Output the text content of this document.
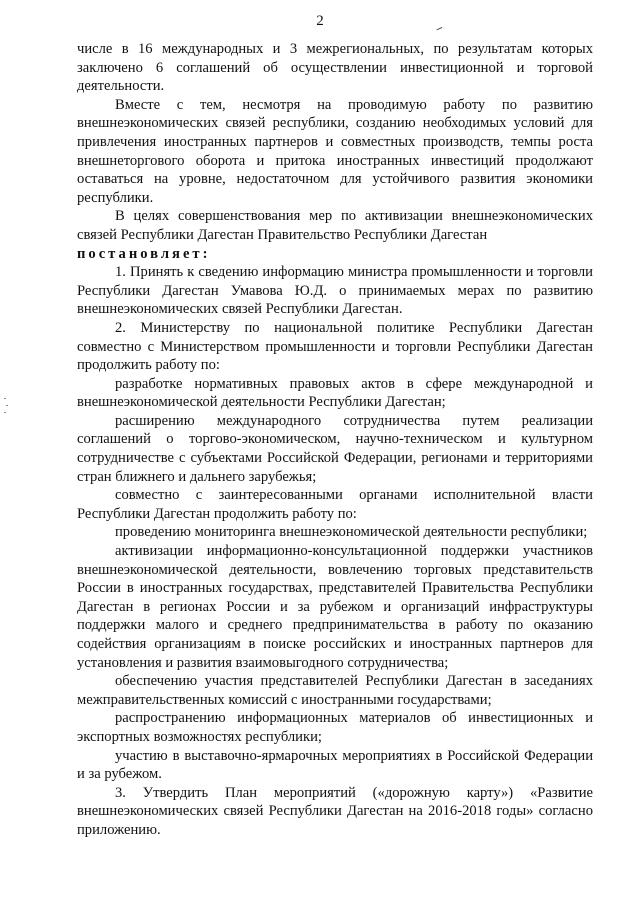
2

числе в 16 международных и 3 межрегиональных, по результатам которых заключено 6 соглашений об осуществлении инвестиционной и торговой деятельности.

Вместе с тем, несмотря на проводимую работу по развитию внешнеэкономических связей республики, созданию необходимых условий для привлечения иностранных партнеров и совместных производств, темпы роста внешнеторгового оборота и притока иностранных инвестиций продолжают оставаться на уровне, недостаточном для устойчивого развития экономики республики.

В целях совершенствования мер по активизации внешнеэкономических связей Республики Дагестан Правительство Республики Дагестан

постановляет:

1. Принять к сведению информацию министра промышленности и торговли Республики Дагестан Умавова Ю.Д. о принимаемых мерах по развитию внешнеэкономических связей Республики Дагестан.

2. Министерству по национальной политике Республики Дагестан совместно с Министерством промышленности и торговли Республики Дагестан продолжить работу по:

разработке нормативных правовых актов в сфере международной и внешнеэкономической деятельности Республики Дагестан;

расширению международного сотрудничества путем реализации соглашений о торгово-экономическом, научно-техническом и культурном сотрудничестве с субъектами Российской Федерации, регионами и территориями стран ближнего и дальнего зарубежья;

совместно с заинтересованными органами исполнительной власти Республики Дагестан продолжить работу по:

проведению мониторинга внешнеэкономической деятельности республики;

активизации информационно-консультационной поддержки участников внешнеэкономической деятельности, вовлечению торговых представительств России в иностранных государствах, представителей Правительства Республики Дагестан в регионах России и за рубежом и организаций инфраструктуры поддержки малого и среднего предпринимательства в работу по оказанию содействия организациям в поиске российских и иностранных партнеров для установления и развития взаимовыгодного сотрудничества;

обеспечению участия представителей Республики Дагестан в заседаниях межправительственных комиссий с иностранными государствами;

распространению информационных материалов об инвестиционных и экспортных возможностях республики;

участию в выставочно-ярмарочных мероприятиях в Российской Федерации и за рубежом.

3. Утвердить План мероприятий («дорожную карту») «Развитие внешнеэкономических связей Республики Дагестан на 2016-2018 годы» согласно приложению.
